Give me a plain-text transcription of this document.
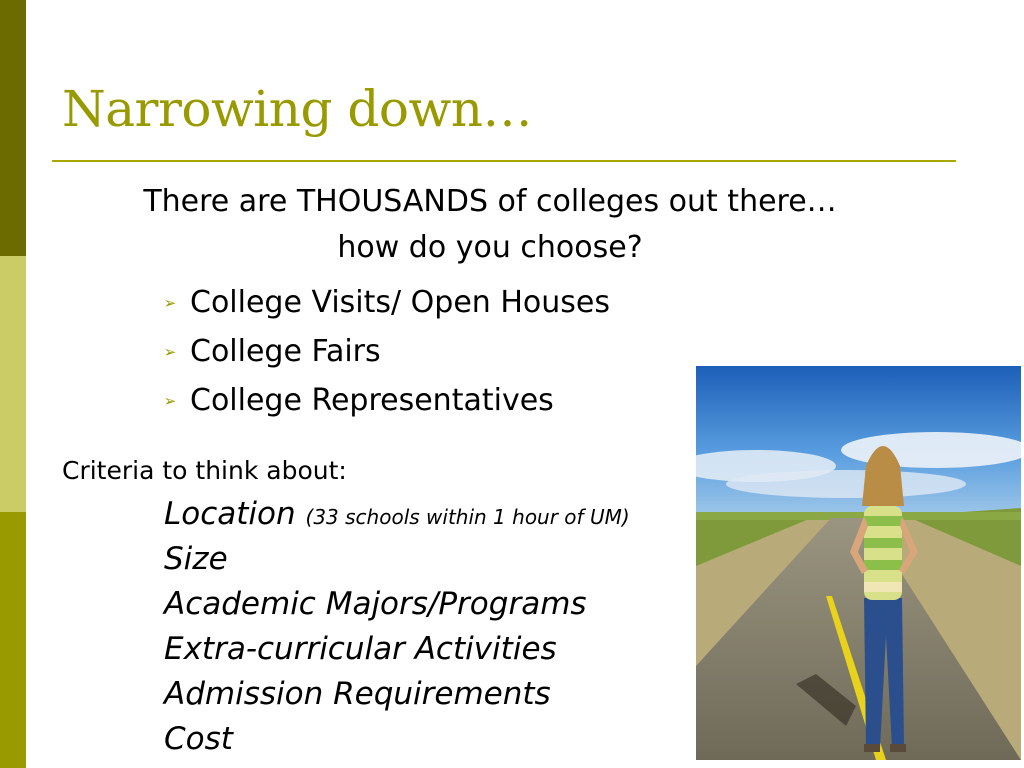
Narrowing down…
There are THOUSANDS of colleges out there…
how do you choose?
➢ College Visits/ Open Houses
➢ College Fairs
➢ College Representatives
Criteria to think about:
Location (33 schools within 1 hour of UM)
Size
Academic Majors/Programs
Extra-curricular Activities
Admission Requirements
Cost
